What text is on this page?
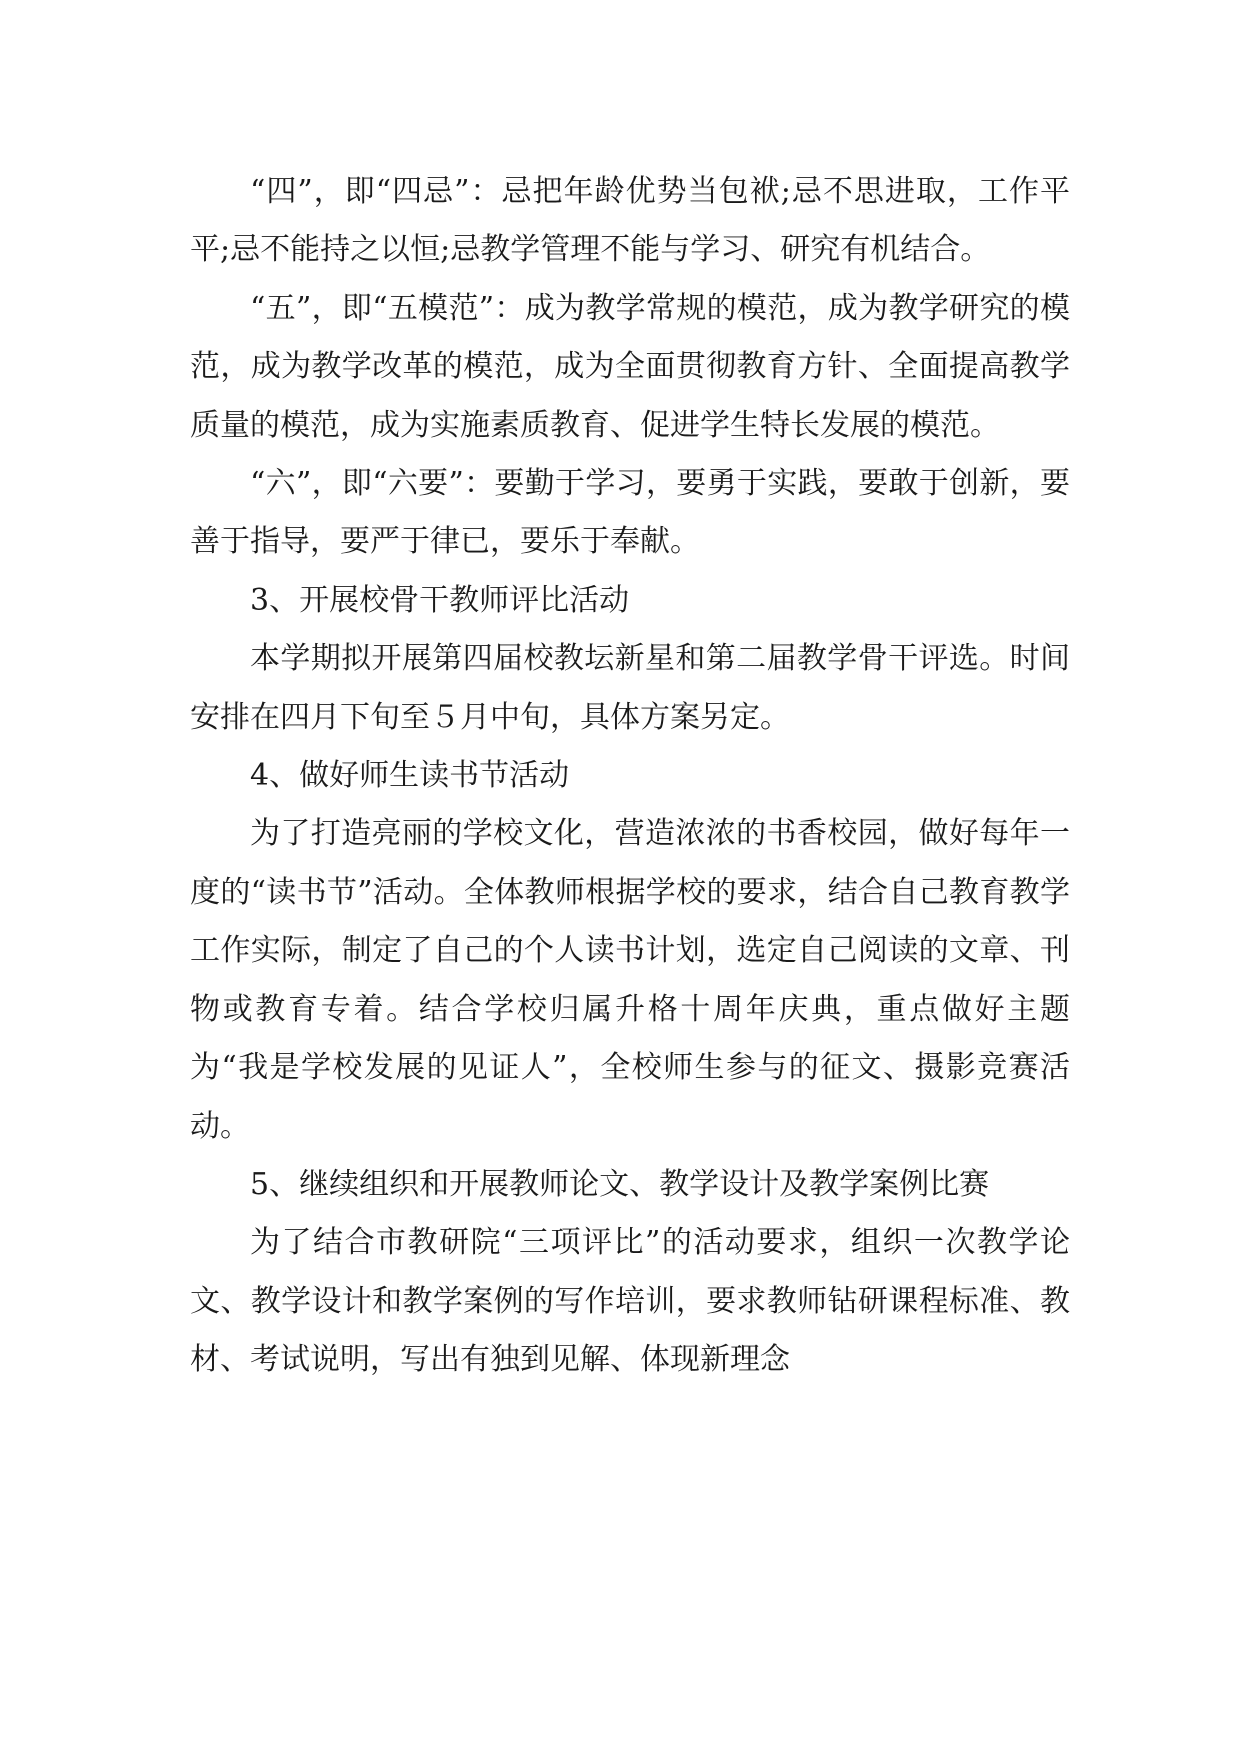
“四”，即“四忌”：忌把年龄优势当包袱;忌不思进取，工作平平;忌不能持之以恒;忌教学管理不能与学习、研究有机结合。

“五”，即“五模范”：成为教学常规的模范，成为教学研究的模范，成为教学改革的模范，成为全面贯彻教育方针、全面提高教学质量的模范，成为实施素质教育、促进学生特长发展的模范。

“六”，即“六要”：要勤于学习，要勇于实践，要敢于创新，要善于指导，要严于律已，要乐于奉献。

3、开展校骨干教师评比活动

本学期拟开展第四届校教坛新星和第二届教学骨干评选。时间安排在四月下旬至５月中旬，具体方案另定。

4、做好师生读书节活动

为了打造亮丽的学校文化，营造浓浓的书香校园，做好每年一度的“读书节”活动。全体教师根据学校的要求，结合自己教育教学工作实际，制定了自己的个人读书计划，选定自己阅读的文章、刊物或教育专着。结合学校归属升格十周年庆典，重点做好主题为“我是学校发展的见证人”，全校师生参与的征文、摄影竞赛活动。

5、继续组织和开展教师论文、教学设计及教学案例比赛

为了结合市教研院“三项评比”的活动要求，组织一次教学论文、教学设计和教学案例的写作培训，要求教师钻研课程标准、教材、考试说明，写出有独到见解、体现新理念
